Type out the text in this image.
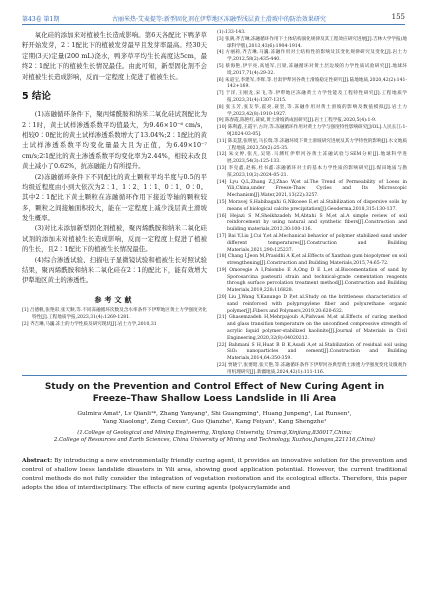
第43卷 第1期	古丽米热·艾麦提等:新型固化剂在伊犁地区冻融型浅层黄土滑坡中的防治效果研究	155

氧化硅的添加来对植被生长造成影响。第6天各配比下鸭茅草籽开始发芽，2∶1配比下的植被发芽最早且发芽率最高。经30天定期(3天)定量(200 mL)浇水，鸭茅草平均生长高度达5cm，最终2∶1配比下的植被生长情况最佳。由此可知，新型固化剂不会对植被生长造成影响，反而一定程度上促进了植被生长。

5 结论

(1)冻融循环条件下，聚丙烯酰胺和纳米二氧化硅试剂配比为2∶1时，黄土试样渗透系数平均值最大，为9.46×10⁻⁶ cm/s，相较0∶0配比的黄土试样渗透系数增大了13.04%;2∶1配比的黄土试样渗透系数平均变化量最大且为正值，为6.49×10⁻⁷ cm/s;2∶1配比的黄土渗透系数平均变化率为2.44%，相较未改良黄土减小了0.62%，抗冻融能力有所提升。

(2)冻融循环条件下不同配比的黄土颗粒平均半度与0.5的平均级近程度由小到大依次为2∶1、1∶2、1∶1、0∶1、0∶0。其中2∶1配比下黄土颗粒在冻融循环作用下接近等轴的颗粒较多，颗粒之间接触面积较大，能在一定程度上减少浅层黄土滑坡发生概率。

(3)对比未添加新型固化剂植被，聚丙烯酰胺和纳米二氧化硅试剂的添加未对植被生长造成影响，反而一定程度上促进了植被的生长，且2∶1配比下的植被生长情况最佳。

(4)综合渗透试验、扫描电子显微镜试验和植被生长对照试验结果，聚丙烯酰胺和纳米二氧化硅在2∶1的配比下，能有效增大伊犁地区黄土的渗透性。

参考文献

[1] 吕德帆,张艳彩,张天顺,等.不同冻融循环次数及含水率条件下伊犁地区黄土力学强度劣化特性[J].工程地质学报,2023,31(4):1269-1281.

[2] 齐吉琳,马巍.冻土的力学性质及研究现状[J].岩土力学,2010,31

(1):133-143.

[3] 张满,齐吉琳,冻融循环作用下土体结构演化规律及其工程效应研究进展[J].吉林大学学报(地球科学版),2013,43(6):1904-1914.

[4] 方丽莉,齐吉琳,马巍.冻融作用对土结构性的影响及其变化规律研究及变化[J].岩土力学,2012,58(2):435-440.

[5] 蔡海艳,伊宇亮,高旭军,吕梁,冻融循环对黄土层边坡的力学性质试验研究[J].地球环境,2017,71(4):29-32.

[6] 朱道宝,李建军,李辉,等.甘肃伊犁河谷黄土滑坡稳定性研究[J].陆地地质,2020,42(2):141-142+169.

[7] 于洋,王刚龙,宋飞,等.伊犁地区冻融黄土力学性能及工程特性研究[J].工程地质学报,2023,31(4):1307-1315.

[8] 张玉芳,张友华,霍亮,聂坚,等.冻融作用对黄土滑坡的影响及数值模拟[J].岩土力学,2023,42(8):1910-1927.

[9] 陈春霞,陈艳红,聂斌,黄土滑坡新成因研究[J].岩土工程学报,2020,5(4):1-9.

[10] 陈利鑫,王霞宇,古玲,等.冻融循环作用对黄土力学与强度特性影响研究[J/OL].人民长江:1-9[2024-03-05].

[11] 陈美慧,张明星,马长瑞,等.冻融环境下黄土滑坡研究进展及其力学特性的影响[J].水文地质工程地质,2023,50(2):25-35.

[12] 朱文婷,张凡,吴铭.马渊红伊犁河谷黄土冻融试验与SEM分析[J].地球科学进展,2023,54(3):125-133.

[13] 李克鑫,赵栋,杜书鑫.冻融循环对土的基本力学性质的影响研究[J].煤田地质与勘探,2023,10(2):2024-05-21.

[14] Lyu Q.L,Zhang Z.J,Zhao W,et al.The Trend of Permeability of Loess in Yili,China,under Freeze-Thaw Cycles and Its Microscopic Mechanism[J].Water,2021,13(22):3257.

[15] Moravej S,Habibagahi G,Nikooee E,et al.Stabilization of dispersive soils by means of biological calcite precipitation[J].Geoderma,2018,315:130-137.

[16] Hejazi S M,Sheikhzadeh M,Abtahi S M,et al.A simple review of soil reinforcement by using natural and synthetic fibers[J].Construction and building materials,2012,30:100-116.

[17] Bai Y,Liu J,Cui Y,et al.Mechanical behavior of polymer stabilized sand under different temperatures[J].Construction and Building Materials,2021,290:125237.

[18] Chang I,Jeon M,Prasidhi A K,et al.Effects of Xanthan gum biopolymer on soil strengthening[J].Construction and Building Materials,2015,74:65-72.

[19] Omoregie A I,Palombo E A,Ong D E L,et al.Biocementation of sand by Sporosarcina pasteurii strain and technical-grade cementation reagents through surface percolation treatment method[J].Construction and Building Materials,2019,228:116828.

[20] Liu J,Wang Y,Kanungo D P,et al.Study on the brittleness characteristics of sand reinforced with polypropylene fiber and polyurethane organic polymer[J].Fibers and Polymers,2019,20:620-632.

[21] Ghasemzadeh H,Mehrpajouh A,Pishvaei M,et al.Effects of curing method and glass transition temperature on the unconfined compressive strength of acrylic liquid polymer-stabilized kaolinite[J].Journal of Materials in Civil Engineering,2020,32(8):04020212.

[22] Bahmani S H,Huat B B K,Asadi A,et al.Stabilization of residual soil using SiO₂ nanoparticles and cement[J].Construction and Building Materials,2014,64:350-359.

[23] 贾晓宁,张要昭,张天艳,等.冻融循环条件下伊犁河谷典型黄土渗透力学强度变化及微观作用机理研究[J].新疆地质,2024,42(1):111-116.

Study on the Prevention and Control Effect of New Curing Agent in
Freeze–Thaw Shallow Loess Landslide in Ili Area
Gulmira·Amat¹, Lv Qianli¹*, Zhang Yanyang¹, Shi Guangming¹, Huang Junpeng¹, Lai Runsen¹,
Yang Xiaolong¹, Zeng Cexun¹, Guo Qianzhe¹, Kang Feiyan¹, Kang Shengzhe¹
(1.College of Geological and Mining Engineering, Xinjiang University, Urumqi,Xinjiang,830017,China;
2.College of Resources and Earth Sciences, China University of Mining and Technology, Xuzhou,Jiangsu,221116,China)
Abstract: By introducing a new environmentally friendly curing agent, it provides an innovative solution for the prevention and control of shallow loess landslide disasters in Yili area, showing good application potential. However, the current traditional control methods do not fully consider the integration of vegetation restoration and its ecological effects. Therefore, this paper adopts the idea of interdisciplinary. The effects of new curing agents (polyacrylamide and
